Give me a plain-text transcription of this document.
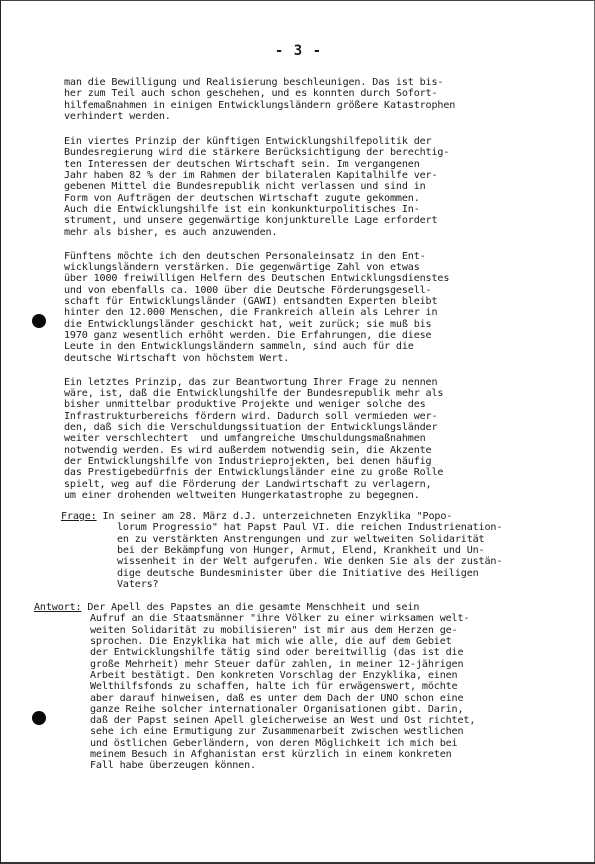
- 3 -
man die Bewilligung und Realisierung beschleunigen. Das ist bis-
her zum Teil auch schon geschehen, und es konnten durch Sofort-
hilfemaßnahmen in einigen Entwicklungsländern größere Katastrophen
verhindert werden.
Ein viertes Prinzip der künftigen Entwicklungshilfepolitik der
Bundesregierung wird die stärkere Berücksichtigung der berechtig-
ten Interessen der deutschen Wirtschaft sein. Im vergangenen
Jahr haben 82 % der im Rahmen der bilateralen Kapitalhilfe ver-
gebenen Mittel die Bundesrepublik nicht verlassen und sind in
Form von Aufträgen der deutschen Wirtschaft zugute gekommen.
Auch die Entwicklungshilfe ist ein konkunkturpolitisches In-
strument, und unsere gegenwärtige konjunkturelle Lage erfordert
mehr als bisher, es auch anzuwenden.
Fünftens möchte ich den deutschen Personaleinsatz in den Ent-
wicklungsländern verstärken. Die gegenwärtige Zahl von etwas
über 1000 freiwilligen Helfern des Deutschen Entwicklungsdienstes
und von ebenfalls ca. 1000 über die Deutsche Förderungsgesell-
schaft für Entwicklungsländer (GAWI) entsandten Experten bleibt
hinter den 12.000 Menschen, die Frankreich allein als Lehrer in
die Entwicklungsländer geschickt hat, weit zurück; sie muß bis
1970 ganz wesentlich erhöht werden. Die Erfahrungen, die diese
Leute in den Entwicklungsländern sammeln, sind auch für die
deutsche Wirtschaft von höchstem Wert.
Ein letztes Prinzip, das zur Beantwortung Ihrer Frage zu nennen
wäre, ist, daß die Entwicklungshilfe der Bundesrepublik mehr als
bisher unmittelbar produktive Projekte und weniger solche des
Infrastrukturbereichs fördern wird. Dadurch soll vermieden wer-
den, daß sich die Verschuldungssituation der Entwicklungsländer
weiter verschlechtert  und umfangreiche Umschuldungsmaßnahmen
notwendig werden. Es wird außerdem notwendig sein, die Akzente
der Entwicklungshilfe von Industrieprojekten, bei denen häufig
das Prestigebedürfnis der Entwicklungsländer eine zu große Rolle
spielt, weg auf die Förderung der Landwirtschaft zu verlagern,
um einer drohenden weltweiten Hungerkatastrophe zu begegnen.
Frage: In seiner am 28. März d.J. unterzeichneten Enzyklika "Popo-
lorum Progressio" hat Papst Paul VI. die reichen Industrienation-
en zu verstärkten Anstrengungen und zur weltweiten Solidarität
bei der Bekämpfung von Hunger, Armut, Elend, Krankheit und Un-
wissenheit in der Welt aufgerufen. Wie denken Sie als der zustän-
dige deutsche Bundesminister über die Initiative des Heiligen
Vaters?
Antwort: Der Apell des Papstes an die gesamte Menschheit und sein
Aufruf an die Staatsmänner "ihre Völker zu einer wirksamen welt-
weiten Solidarität zu mobilisieren" ist mir aus dem Herzen ge-
sprochen. Die Enzyklika hat mich wie alle, die auf dem Gebiet
der Entwicklungshilfe tätig sind oder bereitwillig (das ist die
große Mehrheit) mehr Steuer dafür zahlen, in meiner 12-jährigen
Arbeit bestätigt. Den konkreten Vorschlag der Enzyklika, einen
Welthilfsfonds zu schaffen, halte ich für erwägenswert, möchte
aber darauf hinweisen, daß es unter dem Dach der UNO schon eine
ganze Reihe solcher internationaler Organisationen gibt. Darin,
daß der Papst seinen Apell gleicherweise an West und Ost richtet,
sehe ich eine Ermutigung zur Zusammenarbeit zwischen westlichen
und östlichen Geberländern, von deren Möglichkeit ich mich bei
meinem Besuch in Afghanistan erst kürzlich in einem konkreten
Fall habe überzeugen können.
